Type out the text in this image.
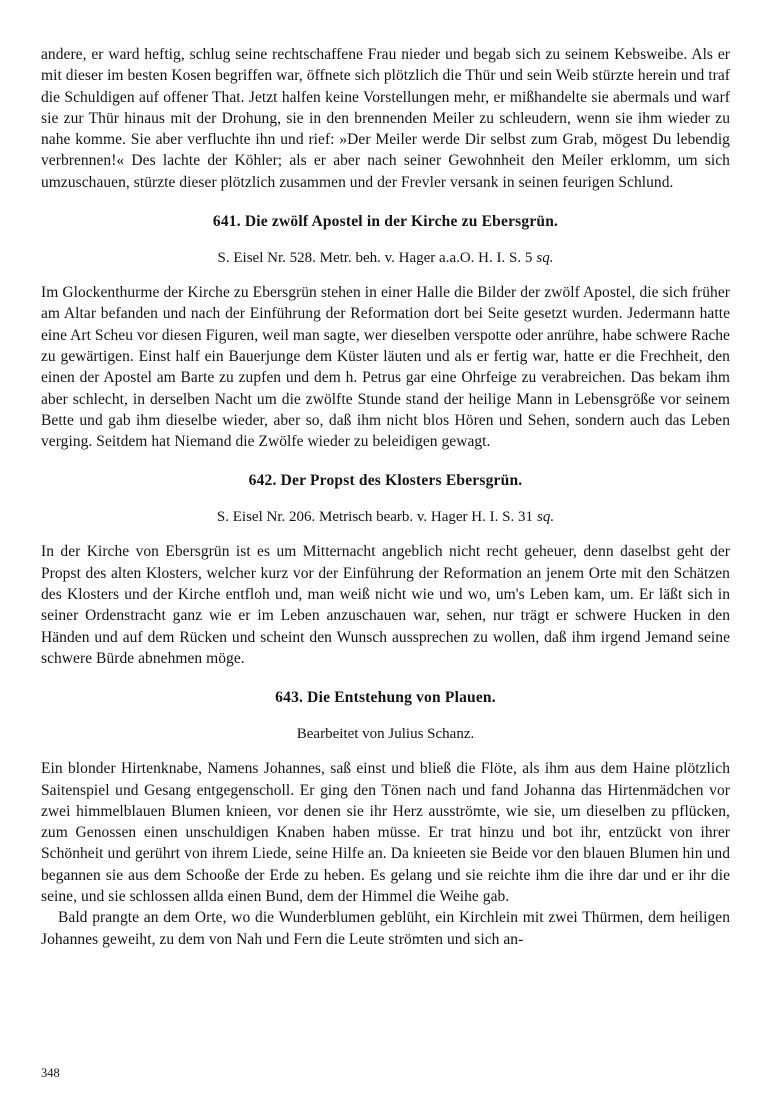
andere, er ward heftig, schlug seine rechtschaffene Frau nieder und begab sich zu seinem Kebsweibe. Als er mit dieser im besten Kosen begriffen war, öffnete sich plötzlich die Thür und sein Weib stürzte herein und traf die Schuldigen auf offener That. Jetzt halfen keine Vorstellungen mehr, er mißhandelte sie abermals und warf sie zur Thür hinaus mit der Drohung, sie in den brennenden Meiler zu schleudern, wenn sie ihm wieder zu nahe komme. Sie aber verfluchte ihn und rief: »Der Meiler werde Dir selbst zum Grab, mögest Du lebendig verbrennen!« Des lachte der Köhler; als er aber nach seiner Gewohnheit den Meiler erklomm, um sich umzuschauen, stürzte dieser plötzlich zusammen und der Frevler versank in seinen feurigen Schlund.

641. Die zwölf Apostel in der Kirche zu Ebersgrün.

S. Eisel Nr. 528. Metr. beh. v. Hager a.a.O. H. I. S. 5 sq.

Im Glockenthurme der Kirche zu Ebersgrün stehen in einer Halle die Bilder der zwölf Apostel, die sich früher am Altar befanden und nach der Einführung der Reformation dort bei Seite gesetzt wurden. Jedermann hatte eine Art Scheu vor diesen Figuren, weil man sagte, wer dieselben verspotte oder anrühre, habe schwere Rache zu gewärtigen. Einst half ein Bauerjunge dem Küster läuten und als er fertig war, hatte er die Frechheit, den einen der Apostel am Barte zu zupfen und dem h. Petrus gar eine Ohrfeige zu verabreichen. Das bekam ihm aber schlecht, in derselben Nacht um die zwölfte Stunde stand der heilige Mann in Lebensgröße vor seinem Bette und gab ihm dieselbe wieder, aber so, daß ihm nicht blos Hören und Sehen, sondern auch das Leben verging. Seitdem hat Niemand die Zwölfe wieder zu beleidigen gewagt.

642. Der Propst des Klosters Ebersgrün.

S. Eisel Nr. 206. Metrisch bearb. v. Hager H. I. S. 31 sq.

In der Kirche von Ebersgrün ist es um Mitternacht angeblich nicht recht geheuer, denn daselbst geht der Propst des alten Klosters, welcher kurz vor der Einführung der Reformation an jenem Orte mit den Schätzen des Klosters und der Kirche entfloh und, man weiß nicht wie und wo, um's Leben kam, um. Er läßt sich in seiner Ordenstracht ganz wie er im Leben anzuschauen war, sehen, nur trägt er schwere Hucken in den Händen und auf dem Rücken und scheint den Wunsch aussprechen zu wollen, daß ihm irgend Jemand seine schwere Bürde abnehmen möge.

643. Die Entstehung von Plauen.

Bearbeitet von Julius Schanz.

Ein blonder Hirtenknabe, Namens Johannes, saß einst und bließ die Flöte, als ihm aus dem Haine plötzlich Saitenspiel und Gesang entgegenscholl. Er ging den Tönen nach und fand Johanna das Hirtenmädchen vor zwei himmelblauen Blumen knieen, vor denen sie ihr Herz ausströmte, wie sie, um dieselben zu pflücken, zum Genossen einen unschuldigen Knaben haben müsse. Er trat hinzu und bot ihr, entzückt von ihrer Schönheit und gerührt von ihrem Liede, seine Hilfe an. Da knieeten sie Beide vor den blauen Blumen hin und begannen sie aus dem Schooße der Erde zu heben. Es gelang und sie reichte ihm die ihre dar und er ihr die seine, und sie schlossen allda einen Bund, dem der Himmel die Weihe gab.

Bald prangte an dem Orte, wo die Wunderblumen geblüht, ein Kirchlein mit zwei Thürmen, dem heiligen Johannes geweiht, zu dem von Nah und Fern die Leute strömten und sich an-

348
